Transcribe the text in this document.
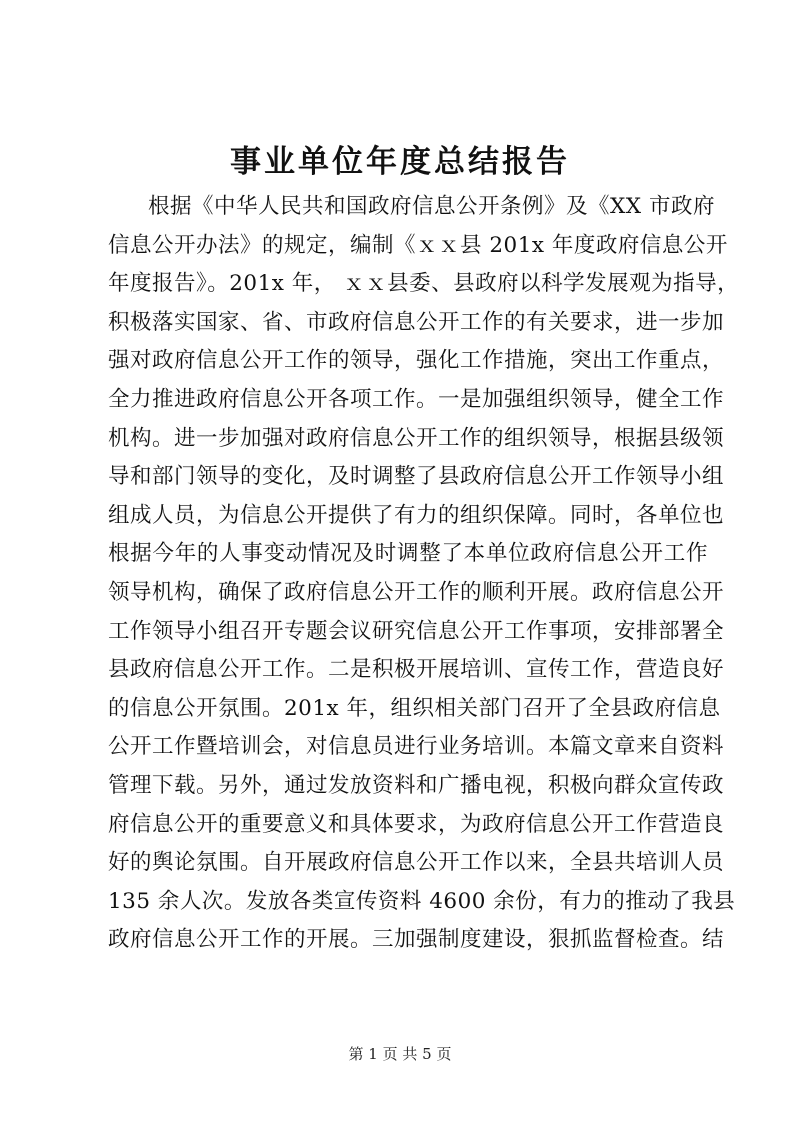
事业单位年度总结报告
根据《中华人民共和国政府信息公开条例》及《XX 市政府
信息公开办法》的规定，编制《ｘｘ县 201x 年度政府信息公开
年度报告》。201x 年， ｘｘ县委、县政府以科学发展观为指导，
积极落实国家、省、市政府信息公开工作的有关要求，进一步加
强对政府信息公开工作的领导，强化工作措施，突出工作重点，
全力推进政府信息公开各项工作。一是加强组织领导，健全工作
机构。进一步加强对政府信息公开工作的组织领导，根据县级领
导和部门领导的变化，及时调整了县政府信息公开工作领导小组
组成人员，为信息公开提供了有力的组织保障。同时，各单位也
根据今年的人事变动情况及时调整了本单位政府信息公开工作
领导机构，确保了政府信息公开工作的顺利开展。政府信息公开
工作领导小组召开专题会议研究信息公开工作事项，安排部署全
县政府信息公开工作。二是积极开展培训、宣传工作，营造良好
的信息公开氛围。201x 年，组织相关部门召开了全县政府信息
公开工作暨培训会，对信息员进行业务培训。本篇文章来自资料
管理下载。另外，通过发放资料和广播电视，积极向群众宣传政
府信息公开的重要意义和具体要求，为政府信息公开工作营造良
好的舆论氛围。自开展政府信息公开工作以来，全县共培训人员
135 余人次。发放各类宣传资料 4600 余份，有力的推动了我县
政府信息公开工作的开展。三加强制度建设，狠抓监督检查。结
第 1 页 共 5 页
